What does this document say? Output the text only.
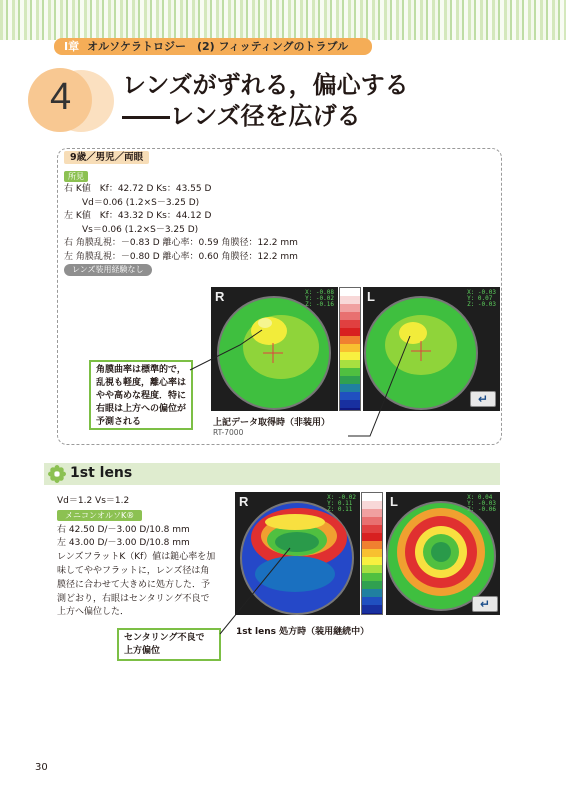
I章 オルソケラトロジー　(2) フィッティングのトラブル
4 レンズがずれる，偏心する
――レンズ径を広げる
9歳／男児／両眼
所見
右 K値　Kf：42.72 D Ks：43.55 D
　　Vd＝0.06 (1.2×S－3.25 D)
左 K値　Kf：43.32 D Ks：44.12 D
　　Vs＝0.06 (1.2×S－3.25 D)
右 角膜乱視：－0.83 D 離心率：0.59 角膜径：12.2 mm
左 角膜乱視：－0.80 D 離心率：0.60 角膜径：12.2 mm
レンズ装用経験なし
R	X: -0.08
Y: -0.02
Z: -0.16
L	X: -0.03
Y: 0.07
Z: -0.03
↵
角膜曲率は標準的で，乱視も軽度，離心率はやや高めな程度．特に右眼は上方への偏位が予測される	上記データ取得時（非装用）
RT-7000
1st lens
Vd＝1.2 Vs＝1.2
メニコンオルソK®
右 42.50 D/－3.00 D/10.8 mm
左 43.00 D/－3.00 D/10.8 mm
レンズフラットK（Kf）値は鎚心率を加
味してややフラットに，レンズ径は角
膜径に合わせて大きめに処方した．予
測どおり，右眼はセンタリング不良で
上方へ偏位した．
R	X: -0.02
Y: 0.11
Z: 0.11
L	X: 0.04
Y: -0.03
Z: -0.06
↵
センタリング不良で
上方偏位
1st lens 処方時（装用継続中）
30
